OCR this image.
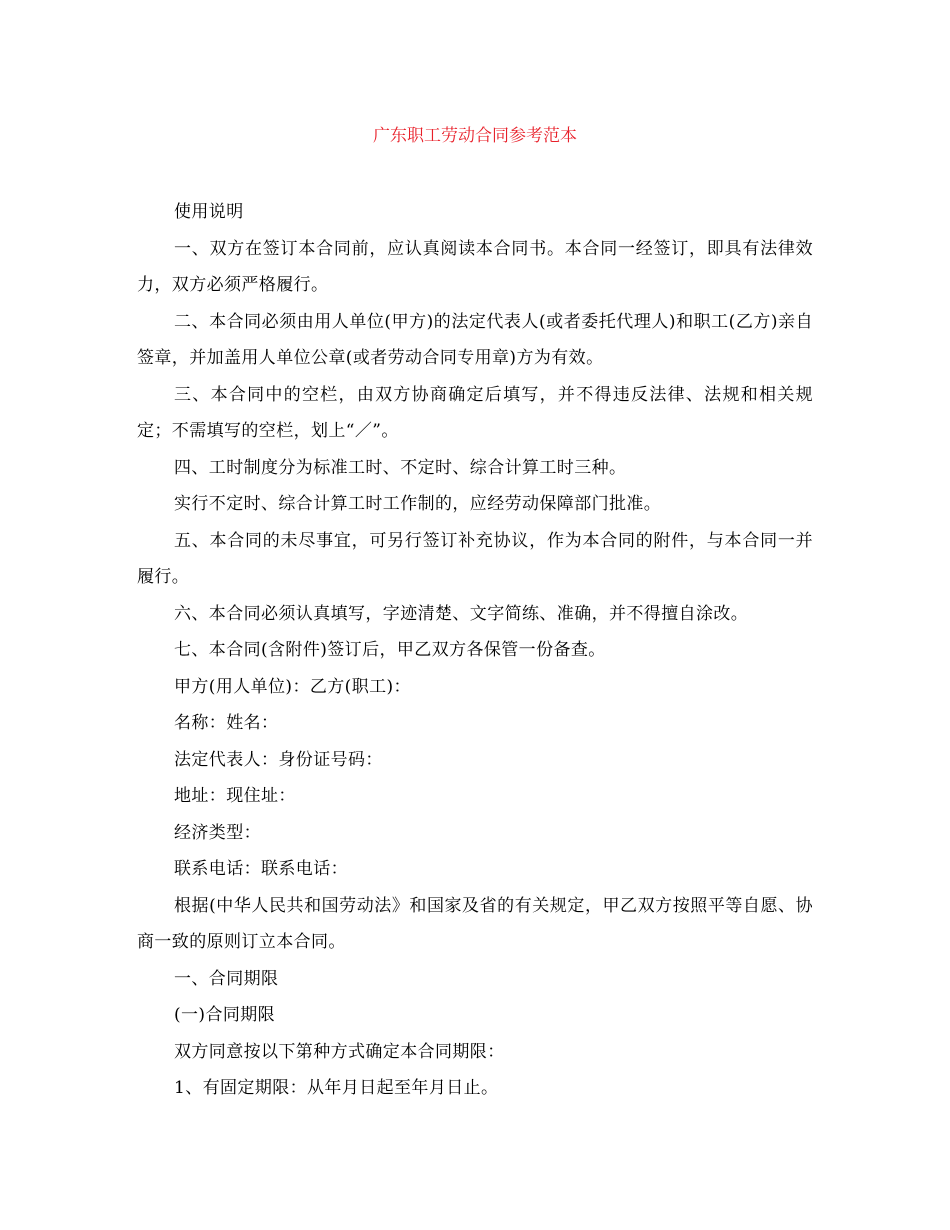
广东职工劳动合同参考范本

使用说明

一、双方在签订本合同前，应认真阅读本合同书。本合同一经签订，即具有法律效力，双方必须严格履行。

二、本合同必须由用人单位(甲方)的法定代表人(或者委托代理人)和职工(乙方)亲自签章，并加盖用人单位公章(或者劳动合同专用章)方为有效。

三、本合同中的空栏，由双方协商确定后填写，并不得违反法律、法规和相关规定；不需填写的空栏，划上“／”。

四、工时制度分为标准工时、不定时、综合计算工时三种。

实行不定时、综合计算工时工作制的，应经劳动保障部门批准。

五、本合同的未尽事宜，可另行签订补充协议，作为本合同的附件，与本合同一并履行。

六、本合同必须认真填写，字迹清楚、文字简练、准确，并不得擅自涂改。

七、本合同(含附件)签订后，甲乙双方各保管一份备查。

甲方(用人单位)：乙方(职工)：

名称：姓名：

法定代表人：身份证号码：

地址：现住址：

经济类型：

联系电话：联系电话：

根据(中华人民共和国劳动法》和国家及省的有关规定，甲乙双方按照平等自愿、协商一致的原则订立本合同。

一、合同期限

(一)合同期限

双方同意按以下第种方式确定本合同期限：

1、有固定期限：从年月日起至年月日止。
